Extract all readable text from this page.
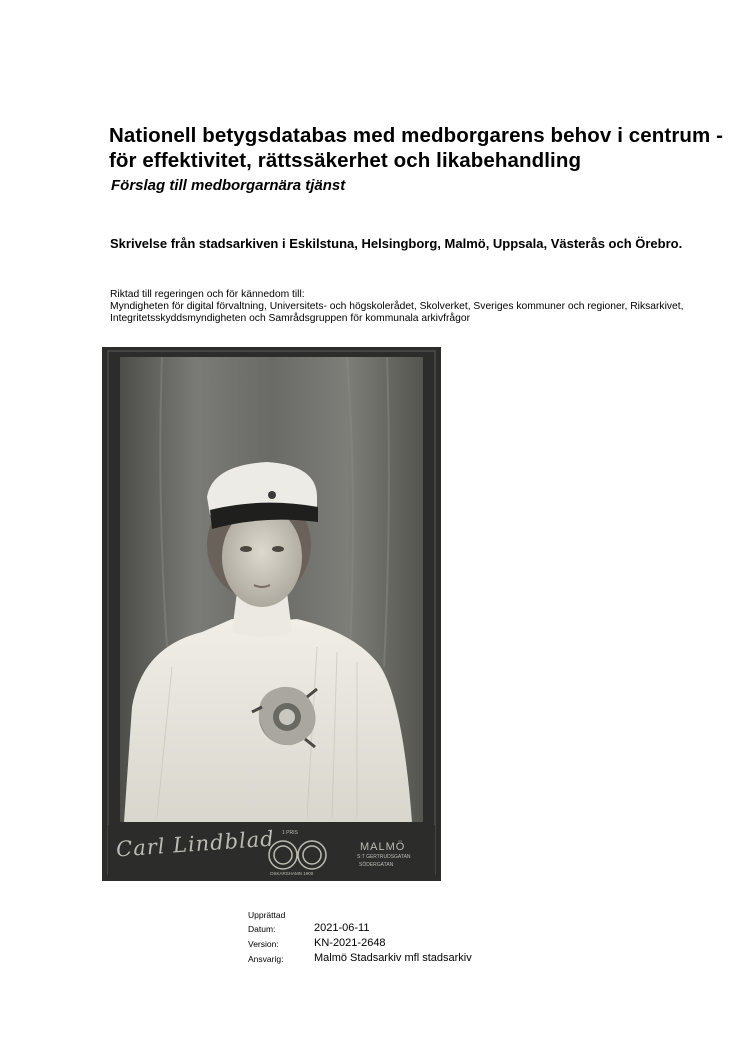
Nationell betygsdatabas med medborgarens behov i centrum - för effektivitet, rättssäkerhet och likabehandling
Förslag till medborgarnära tjänst
Skrivelse från stadsarkiven i Eskilstuna, Helsingborg, Malmö, Uppsala, Västerås och Örebro.
Riktad till regeringen och för kännedom till:
Myndigheten för digital förvaltning, Universitets- och högskolerådet, Skolverket, Sveriges kommuner och regioner, Riksarkivet, Integritetsskyddsmyndigheten och Samrådsgruppen för kommunala arkivfrågor
Carl Lindblad 1 PRIS
OSKARSHAMN 1900
MALMÖ
S:T GERTRUDSGATAN
SÖDERGATAN
Upprättad
Datum:	2021-06-11
Version:	KN-2021-2648
Ansvarig:	Malmö Stadsarkiv mfl stadsarkiv
